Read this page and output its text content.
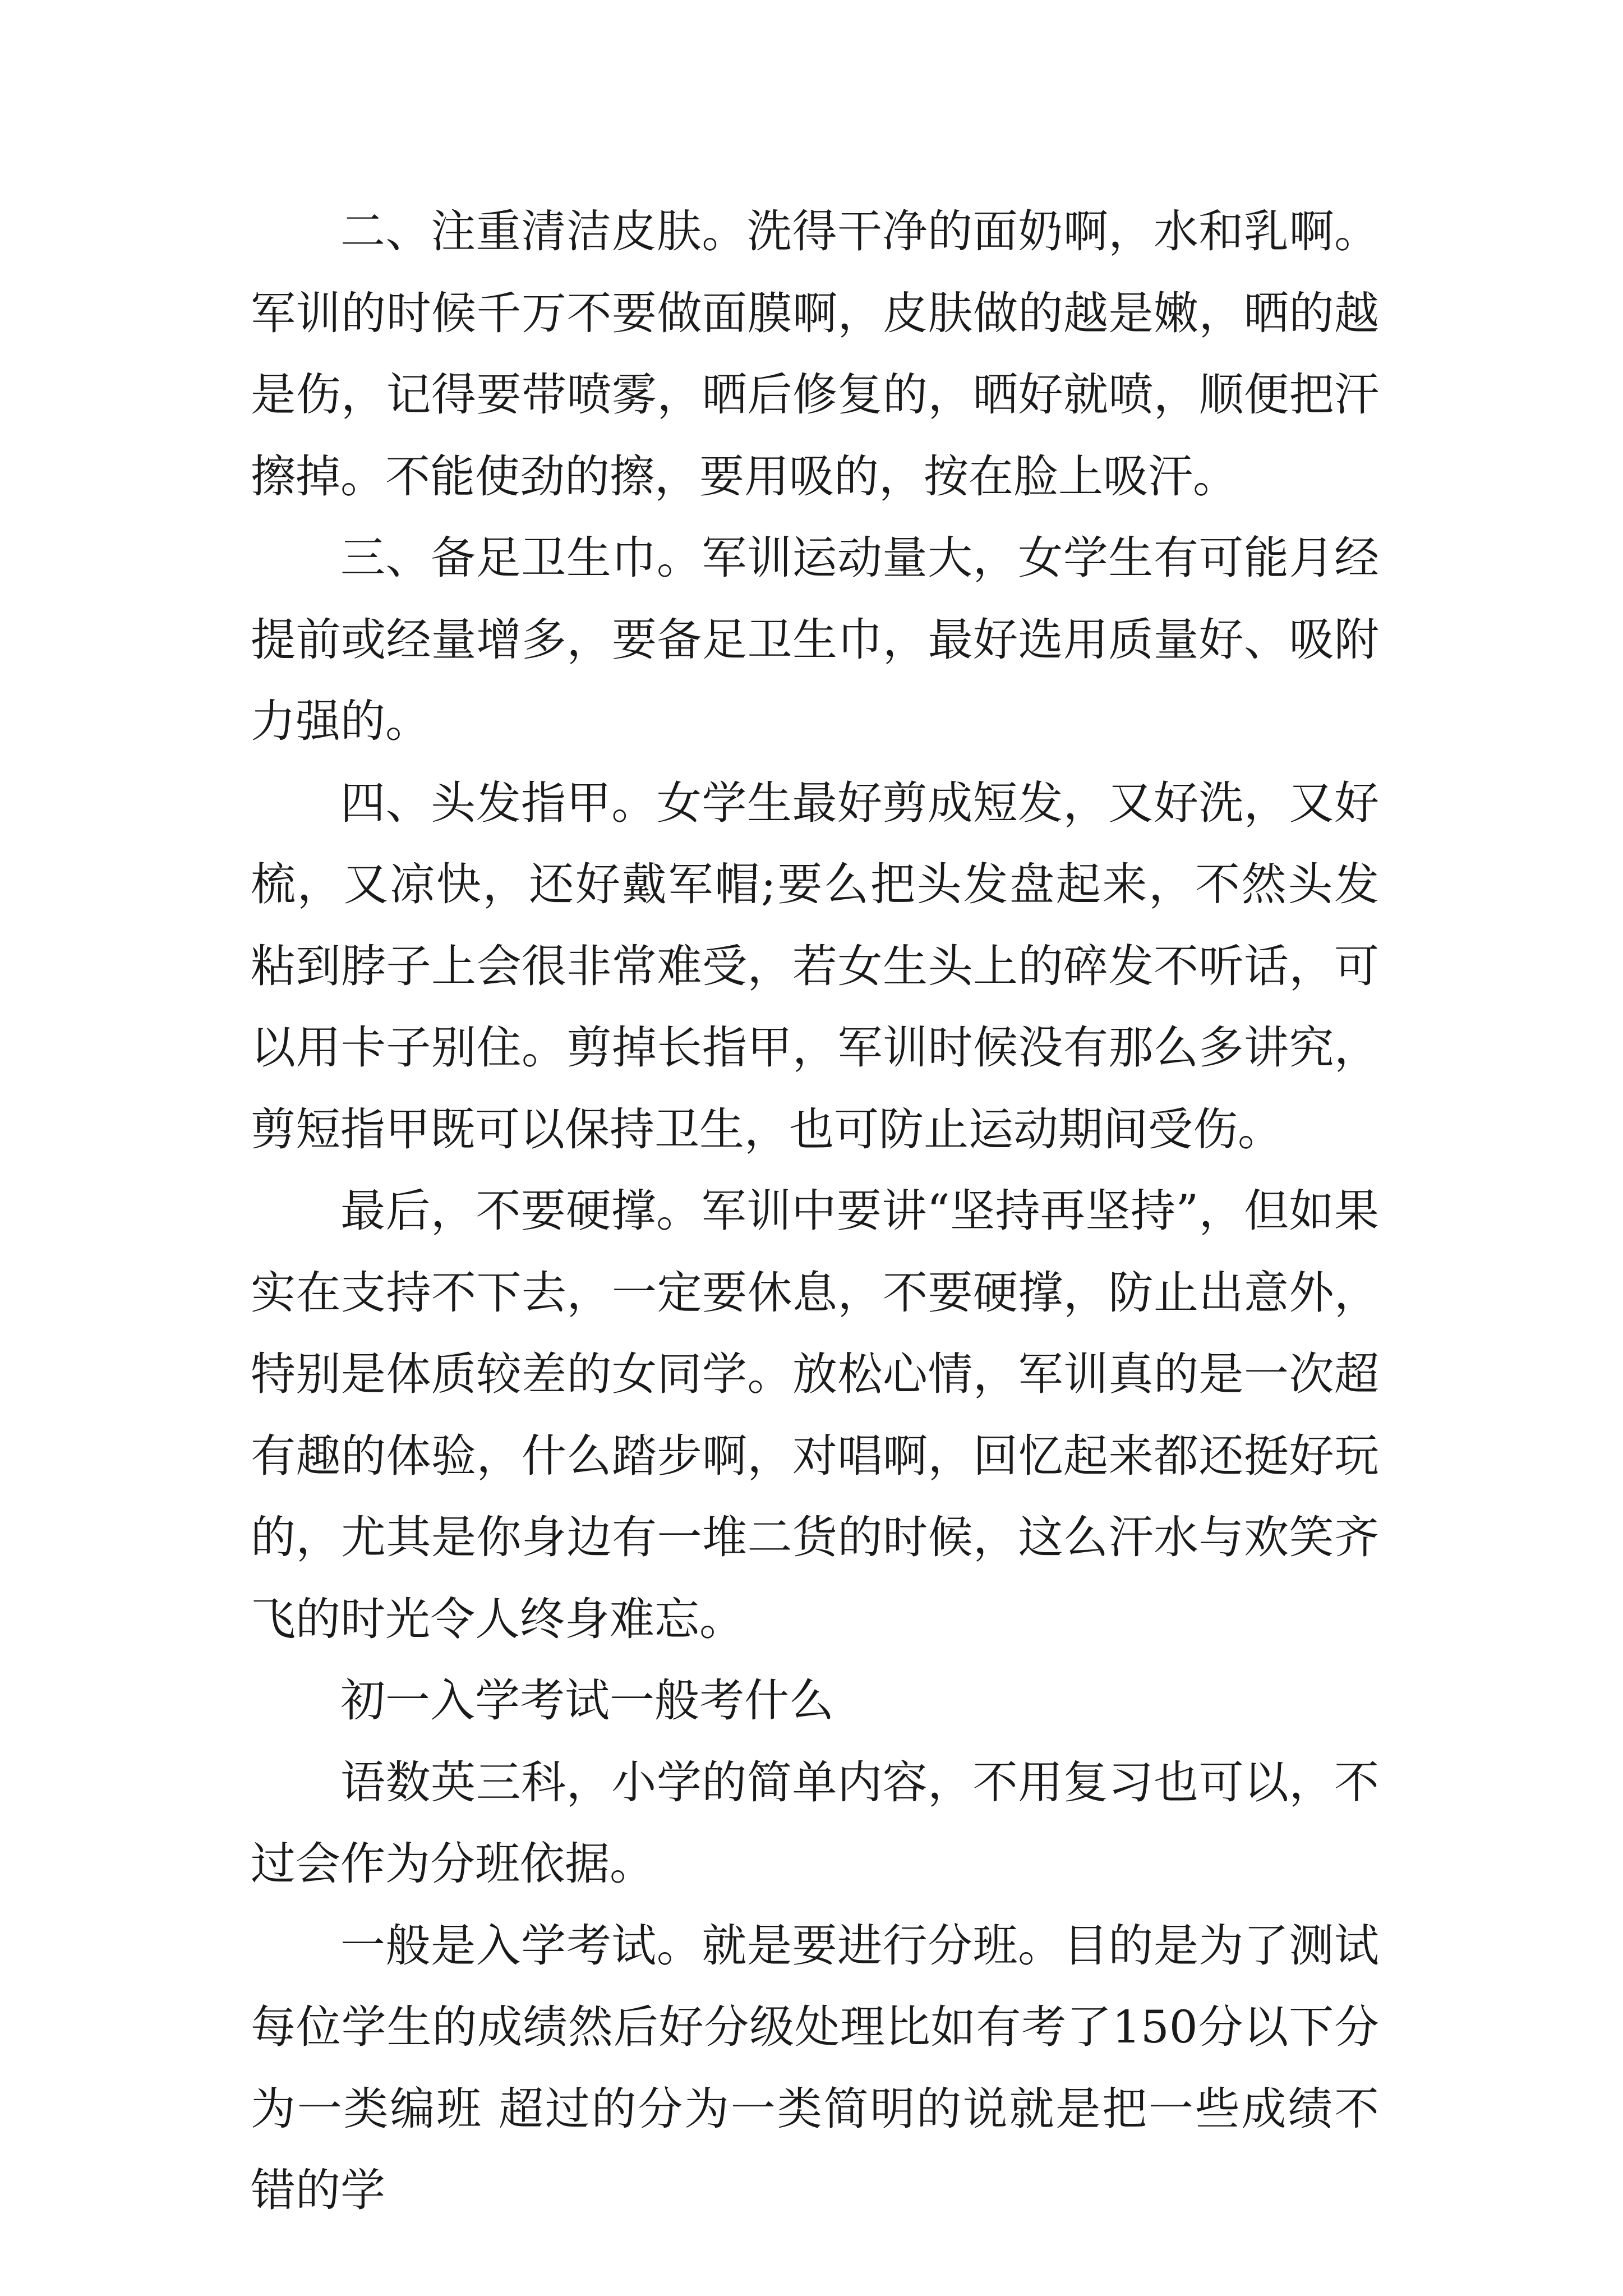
二、注重清洁皮肤。洗得干净的面奶啊，水和乳啊。军训的时候千万不要做面膜啊，皮肤做的越是嫩，晒的越是伤，记得要带喷雾，晒后修复的，晒好就喷，顺便把汗擦掉。不能使劲的擦，要用吸的，按在脸上吸汗。

三、备足卫生巾。军训运动量大，女学生有可能月经提前或经量增多，要备足卫生巾，最好选用质量好、吸附力强的。

四、头发指甲。女学生最好剪成短发，又好洗，又好梳，又凉快，还好戴军帽;要么把头发盘起来，不然头发粘到脖子上会很非常难受，若女生头上的碎发不听话，可以用卡子别住。剪掉长指甲，军训时候没有那么多讲究，剪短指甲既可以保持卫生，也可防止运动期间受伤。

最后，不要硬撑。军训中要讲“坚持再坚持”，但如果实在支持不下去，一定要休息，不要硬撑，防止出意外，特别是体质较差的女同学。放松心情，军训真的是一次超有趣的体验，什么踏步啊，对唱啊，回忆起来都还挺好玩的，尤其是你身边有一堆二货的时候，这么汗水与欢笑齐飞的时光令人终身难忘。

初一入学考试一般考什么

语数英三科，小学的简单内容，不用复习也可以，不过会作为分班依据。

一般是入学考试。就是要进行分班。目的是为了测试每位学生的成绩然后好分级处理比如有考了150分以下分为一类编班 超过的分为一类简明的说就是把一些成绩不错的学
